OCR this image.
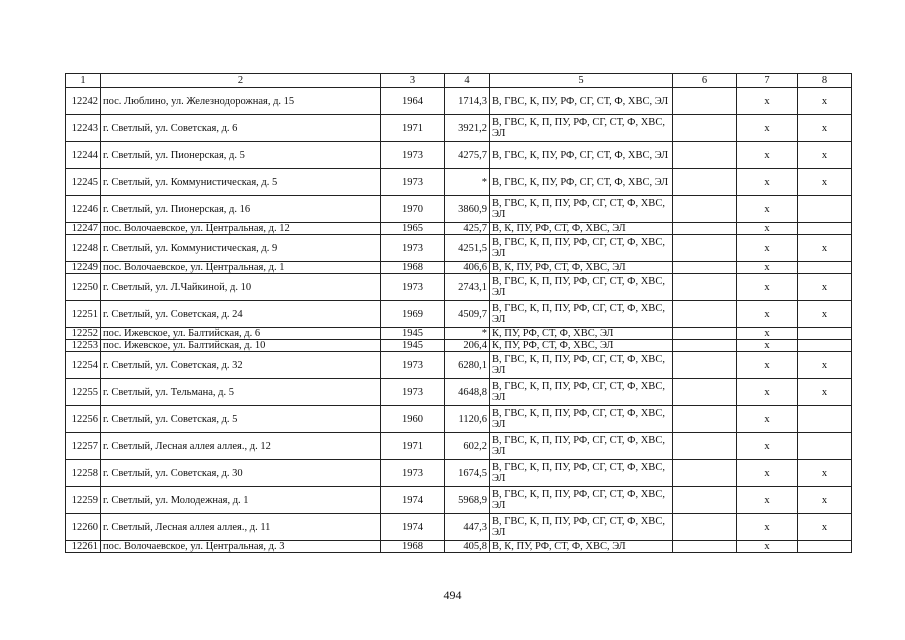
1	2	3	4	5	6	7	8
12242	пос. Люблино, ул. Железнодорожная, д. 15	1964	1714,3	В, ГВС, К, ПУ, РФ, СГ, СТ, Ф, ХВС, ЭЛ		х	х
12243	г. Светлый, ул. Советская, д. 6	1971	3921,2	В, ГВС, К, П, ПУ, РФ, СГ, СТ, Ф, ХВС, ЭЛ		х	х
12244	г. Светлый, ул. Пионерская, д. 5	1973	4275,7	В, ГВС, К, ПУ, РФ, СГ, СТ, Ф, ХВС, ЭЛ		х	х
12245	г. Светлый, ул. Коммунистическая, д. 5	1973	*	В, ГВС, К, ПУ, РФ, СГ, СТ, Ф, ХВС, ЭЛ		х	х
12246	г. Светлый, ул. Пионерская, д. 16	1970	3860,9	В, ГВС, К, П, ПУ, РФ, СГ, СТ, Ф, ХВС, ЭЛ		х	
12247	пос. Волочаевское, ул. Центральная, д. 12	1965	425,7	В, К, ПУ, РФ, СТ, Ф, ХВС, ЭЛ		х	
12248	г. Светлый, ул. Коммунистическая, д. 9	1973	4251,5	В, ГВС, К, П, ПУ, РФ, СГ, СТ, Ф, ХВС, ЭЛ		х	х
12249	пос. Волочаевское, ул. Центральная, д. 1	1968	406,6	В, К, ПУ, РФ, СТ, Ф, ХВС, ЭЛ		х	
12250	г. Светлый, ул. Л.Чайкиной, д. 10	1973	2743,1	В, ГВС, К, П, ПУ, РФ, СГ, СТ, Ф, ХВС, ЭЛ		х	х
12251	г. Светлый, ул. Советская, д. 24	1969	4509,7	В, ГВС, К, П, ПУ, РФ, СГ, СТ, Ф, ХВС, ЭЛ		х	х
12252	пос. Ижевское, ул. Балтийская, д. 6	1945	*	К, ПУ, РФ, СТ, Ф, ХВС, ЭЛ		х	
12253	пос. Ижевское, ул. Балтийская, д. 10	1945	206,4	К, ПУ, РФ, СТ, Ф, ХВС, ЭЛ		х	
12254	г. Светлый, ул. Советская, д. 32	1973	6280,1	В, ГВС, К, П, ПУ, РФ, СГ, СТ, Ф, ХВС, ЭЛ		х	х
12255	г. Светлый, ул. Тельмана, д. 5	1973	4648,8	В, ГВС, К, П, ПУ, РФ, СГ, СТ, Ф, ХВС, ЭЛ		х	х
12256	г. Светлый, ул. Советская, д. 5	1960	1120,6	В, ГВС, К, П, ПУ, РФ, СГ, СТ, Ф, ХВС, ЭЛ		х	
12257	г. Светлый, Лесная аллея аллея., д. 12	1971	602,2	В, ГВС, К, П, ПУ, РФ, СГ, СТ, Ф, ХВС, ЭЛ		х	
12258	г. Светлый, ул. Советская, д. 30	1973	1674,5	В, ГВС, К, П, ПУ, РФ, СГ, СТ, Ф, ХВС, ЭЛ		х	х
12259	г. Светлый, ул. Молодежная, д. 1	1974	5968,9	В, ГВС, К, П, ПУ, РФ, СГ, СТ, Ф, ХВС, ЭЛ		х	х
12260	г. Светлый, Лесная аллея аллея., д. 11	1974	447,3	В, ГВС, К, П, ПУ, РФ, СГ, СТ, Ф, ХВС, ЭЛ		х	х
12261	пос. Волочаевское, ул. Центральная, д. 3	1968	405,8	В, К, ПУ, РФ, СТ, Ф, ХВС, ЭЛ		х	
494
